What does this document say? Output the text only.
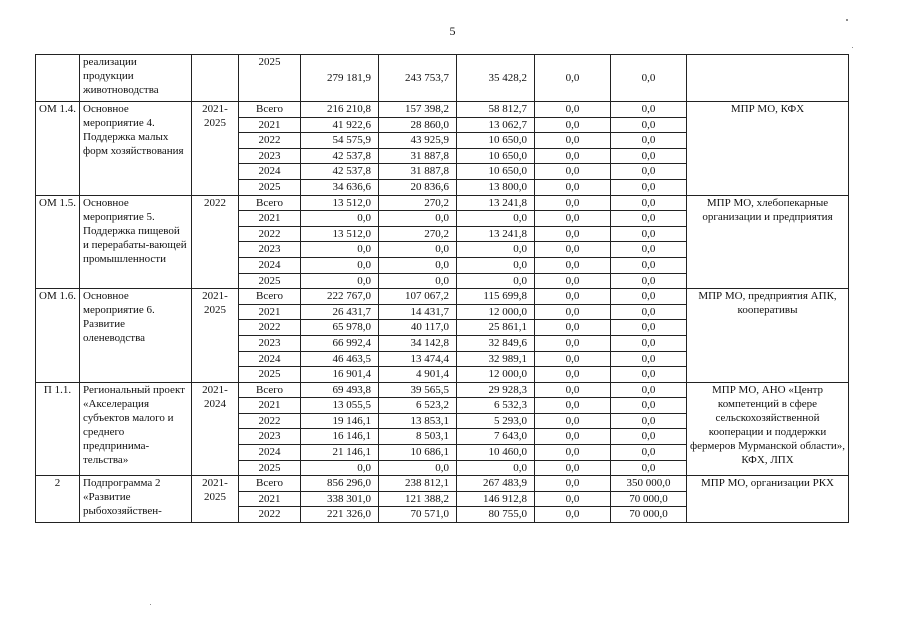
5
	реализации продукции животноводства		2025	279 181,9	243 753,7	35 428,2	0,0	0,0	
ОМ 1.4.	Основное мероприятие 4. Поддержка малых форм хозяйствования	2021-2025	Всего	216 210,8	157 398,2	58 812,7	0,0	0,0	МПР МО, КФХ
			2021	41 922,6	28 860,0	13 062,7	0,0	0,0	
			2022	54 575,9	43 925,9	10 650,0	0,0	0,0	
			2023	42 537,8	31 887,8	10 650,0	0,0	0,0	
			2024	42 537,8	31 887,8	10 650,0	0,0	0,0	
			2025	34 636,6	20 836,6	13 800,0	0,0	0,0	
ОМ 1.5.	Основное мероприятие 5. Поддержка пищевой и перерабаты-вающей промышленности	2022	Всего	13 512,0	270,2	13 241,8	0,0	0,0	МПР МО, хлебопекарные организации и предприятия
			2021	0,0	0,0	0,0	0,0	0,0	
			2022	13 512,0	270,2	13 241,8	0,0	0,0	
			2023	0,0	0,0	0,0	0,0	0,0	
			2024	0,0	0,0	0,0	0,0	0,0	
			2025	0,0	0,0	0,0	0,0	0,0	
ОМ 1.6.	Основное мероприятие 6. Развитие оленеводства	2021-2025	Всего	222 767,0	107 067,2	115 699,8	0,0	0,0	МПР МО, предприятия АПК, кооперативы
			2021	26 431,7	14 431,7	12 000,0	0,0	0,0	
			2022	65 978,0	40 117,0	25 861,1	0,0	0,0	
			2023	66 992,4	34 142,8	32 849,6	0,0	0,0	
			2024	46 463,5	13 474,4	32 989,1	0,0	0,0	
			2025	16 901,4	4 901,4	12 000,0	0,0	0,0	
П 1.1.	Региональный проект «Акселерация субъектов малого и среднего предпринима-тельства»	2021-2024	Всего	69 493,8	39 565,5	29 928,3	0,0	0,0	МПР МО, АНО «Центр компетенций в сфере сельскохозяйственной кооперации и поддержки фермеров Мурманской области», КФХ, ЛПХ
			2021	13 055,5	6 523,2	6 532,3	0,0	0,0	
			2022	19 146,1	13 853,1	5 293,0	0,0	0,0	
			2023	16 146,1	8 503,1	7 643,0	0,0	0,0	
			2024	21 146,1	10 686,1	10 460,0	0,0	0,0	
			2025	0,0	0,0	0,0	0,0	0,0	
2	Подпрограмма 2 «Развитие рыбохозяйствен-	2021-2025	Всего	856 296,0	238 812,1	267 483,9	0,0	350 000,0	МПР МО, организации РКХ
			2021	338 301,0	121 388,2	146 912,8	0,0	70 000,0	
			2022	221 326,0	70 571,0	80 755,0	0,0	70 000,0	
